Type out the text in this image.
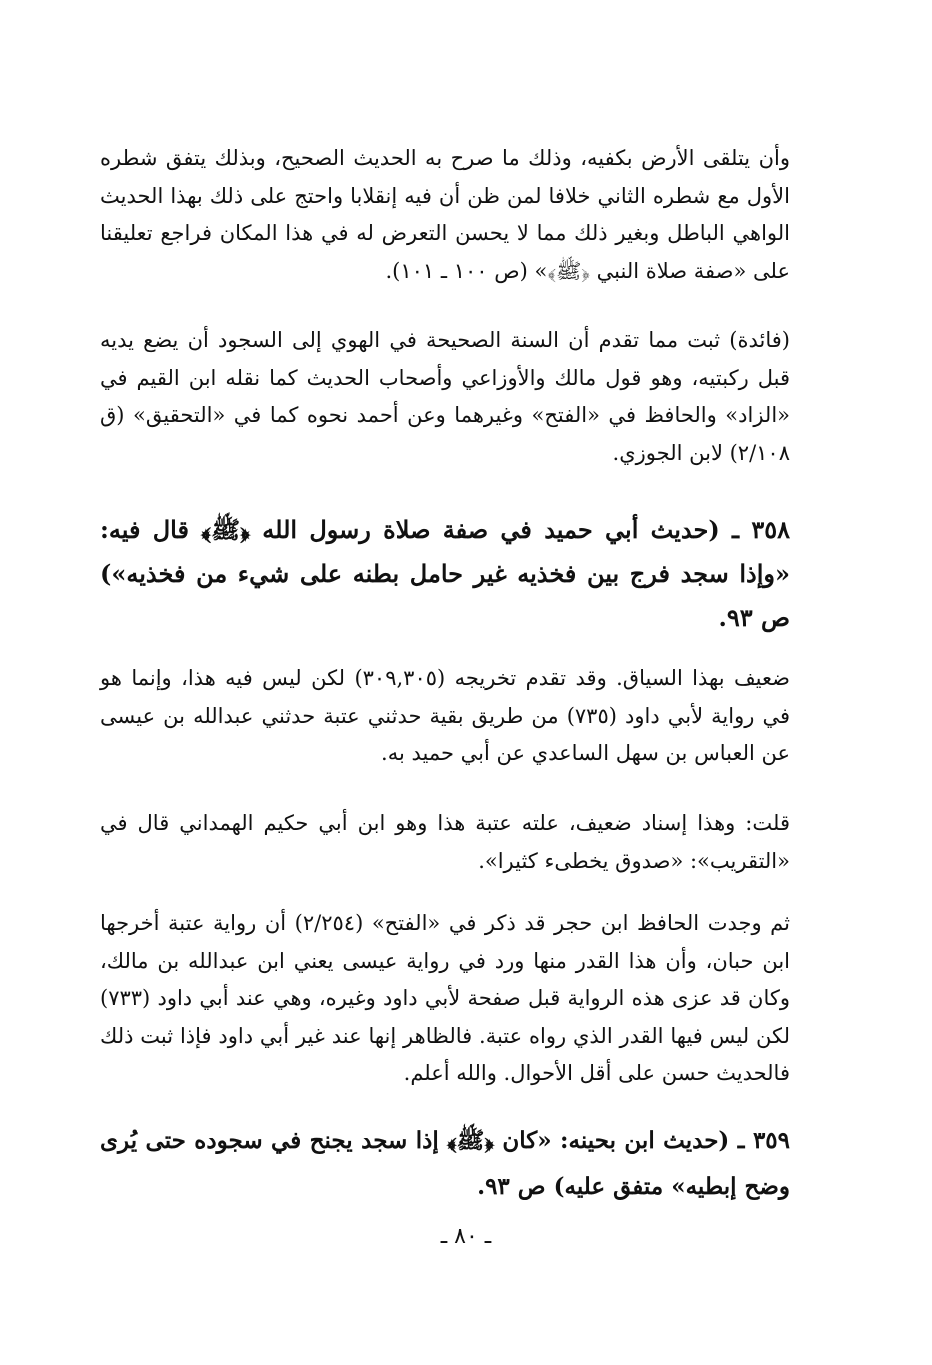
وأن يتلقى الأرض بكفيه، وذلك ما صرح به الحديث الصحيح، وبذلك يتفق شطره الأول مع شطره الثاني خلافا لمن ظن أن فيه إنقلابا واحتج على ذلك بهذا الحديث الواهي الباطل وبغير ذلك مما لا يحسن التعرض له في هذا المكان فراجع تعليقنا على «صفة صلاة النبي ﴿ﷺ﴾» (ص ١٠٠ ـ ١٠١).

(فائدة) ثبت مما تقدم أن السنة الصحيحة في الهوي إلى السجود أن يضع يديه قبل ركبتيه، وهو قول مالك والأوزاعي وأصحاب الحديث كما نقله ابن القيم في «الزاد» والحافظ في «الفتح» وغيرهما وعن أحمد نحوه كما في «التحقيق» (ق ٢/١٠٨) لابن الجوزي.

٣٥٨ ـ (حديث أبي حميد في صفة صلاة رسول الله ﴿ﷺ﴾ قال فيه: «وإذا سجد فرج بين فخذيه غير حامل بطنه على شيء من فخذيه») ص ٩٣.

ضعيف بهذا السياق. وقد تقدم تخريجه (٣٠٩,٣٠٥) لكن ليس فيه هذا، وإنما هو في رواية لأبي داود (٧٣٥) من طريق بقية حدثني عتبة حدثني عبدالله بن عيسى عن العباس بن سهل الساعدي عن أبي حميد به.

قلت: وهذا إسناد ضعيف، علته عتبة هذا وهو ابن أبي حكيم الهمداني قال في «التقريب»: «صدوق يخطىء كثيرا».

ثم وجدت الحافظ ابن حجر قد ذكر في «الفتح» (٢/٢٥٤) أن رواية عتبة أخرجها ابن حبان، وأن هذا القدر منها ورد في رواية عيسى يعني ابن عبدالله بن مالك، وكان قد عزى هذه الرواية قبل صفحة لأبي داود وغيره، وهي عند أبي داود (٧٣٣) لكن ليس فيها القدر الذي رواه عتبة. فالظاهر إنها عند غير أبي داود فإذا ثبت ذلك فالحديث حسن على أقل الأحوال. والله أعلم.

٣٥٩ ـ (حديث ابن بحينه: «كان ﴿ﷺ﴾ إذا سجد يجنح في سجوده حتى يُرى وضح إبطيه» متفق عليه) ص ٩٣.

ـ ٨٠ ـ
